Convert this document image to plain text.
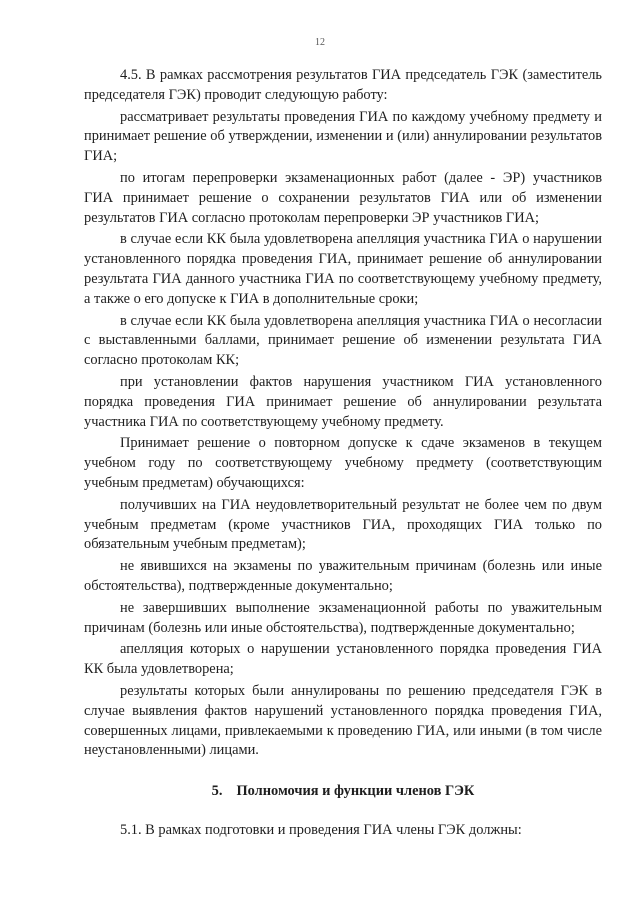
12

4.5. В рамках рассмотрения результатов ГИА председатель ГЭК (заместитель председателя ГЭК) проводит следующую работу:

рассматривает результаты проведения ГИА по каждому учебному предмету и принимает решение об утверждении, изменении и (или) аннулировании результатов ГИА;

по итогам перепроверки экзаменационных работ (далее - ЭР) участников ГИА принимает решение о сохранении результатов ГИА или об изменении результатов ГИА согласно протоколам перепроверки ЭР участников ГИА;

в случае если КК была удовлетворена апелляция участника ГИА о нарушении установленного порядка проведения ГИА, принимает решение об аннулировании результата ГИА данного участника ГИА по соответствующему учебному предмету, а также о его допуске к ГИА в дополнительные сроки;

в случае если КК была удовлетворена апелляция участника ГИА о несогласии с выставленными баллами, принимает решение об изменении результата ГИА согласно протоколам КК;

при установлении фактов нарушения участником ГИА установленного порядка проведения ГИА принимает решение об аннулировании результата участника ГИА по соответствующему учебному предмету.

Принимает решение о повторном допуске к сдаче экзаменов в текущем учебном году по соответствующему учебному предмету (соответствующим учебным предметам) обучающихся:

получивших на ГИА неудовлетворительный результат не более чем по двум учебным предметам (кроме участников ГИА, проходящих ГИА только по обязательным учебным предметам);

не явившихся на экзамены по уважительным причинам (болезнь или иные обстоятельства), подтвержденные документально;

не завершивших выполнение экзаменационной работы по уважительным причинам (болезнь или иные обстоятельства), подтвержденные документально;

апелляция которых о нарушении установленного порядка проведения ГИА КК была удовлетворена;

результаты которых были аннулированы по решению председателя ГЭК в случае выявления фактов нарушений установленного порядка проведения ГИА, совершенных лицами, привлекаемыми к проведению ГИА, или иными (в том числе неустановленными) лицами.

5. Полномочия и функции членов ГЭК

5.1. В рамках подготовки и проведения ГИА члены ГЭК должны:
